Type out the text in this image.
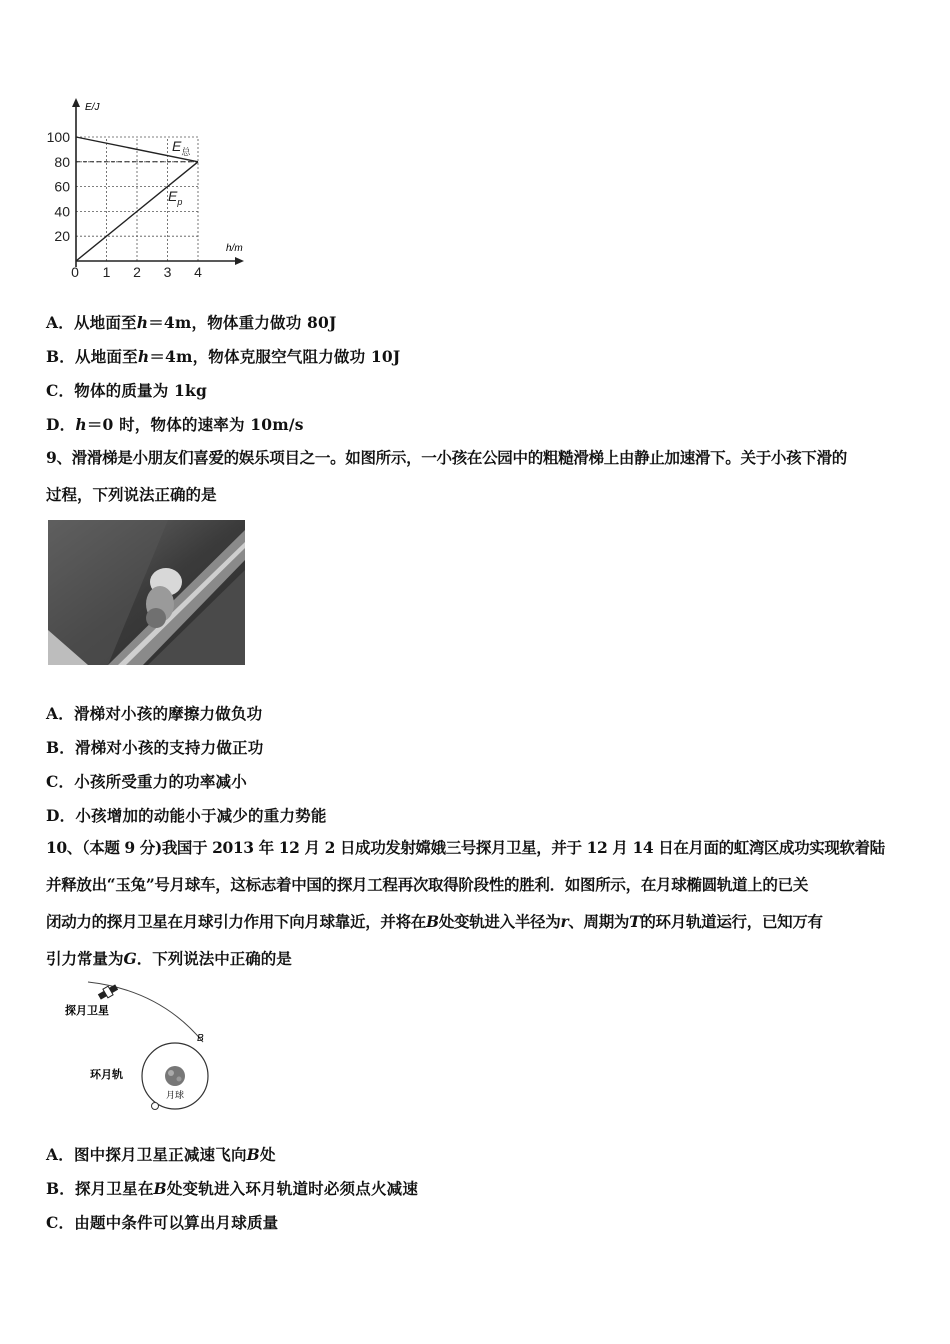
E/J
h/m
100
80
60
40
20
0 1 2 3 4
$E_总$
$E_p$
A．从地面至h＝4m，物体重力做功 80J
B．从地面至h＝4m，物体克服空气阻力做功 10J
C．物体的质量为 1kg
D．h＝0 时，物体的速率为 10m/s
9、滑滑梯是小朋友们喜爱的娱乐项目之一。如图所示，一小孩在公园中的粗糙滑梯上由静止加速滑下。关于小孩下滑的
过程，下列说法正确的是
A．滑梯对小孩的摩擦力做负功
B．滑梯对小孩的支持力做正功
C．小孩所受重力的功率减小
D．小孩增加的动能小于减少的重力势能
10、（本题 9 分)我国于 2013 年 12 月 2 日成功发射嫦娥三号探月卫星，并于 12 月 14 日在月面的虹湾区成功实现软着陆
并释放出“玉兔”号月球车，这标志着中国的探月工程再次取得阶段性的胜利．如图所示，在月球椭圆轨道上的已关
闭动力的探月卫星在月球引力作用下向月球靠近，并将在B处变轨进入半径为r、周期为T的环月轨道运行，已知万有
引力常量为G．下列说法中正确的是
探月卫星
B
月球
环月轨
A．图中探月卫星正减速飞向B处
B．探月卫星在B处变轨进入环月轨道时必须点火减速
C．由题中条件可以算出月球质量
